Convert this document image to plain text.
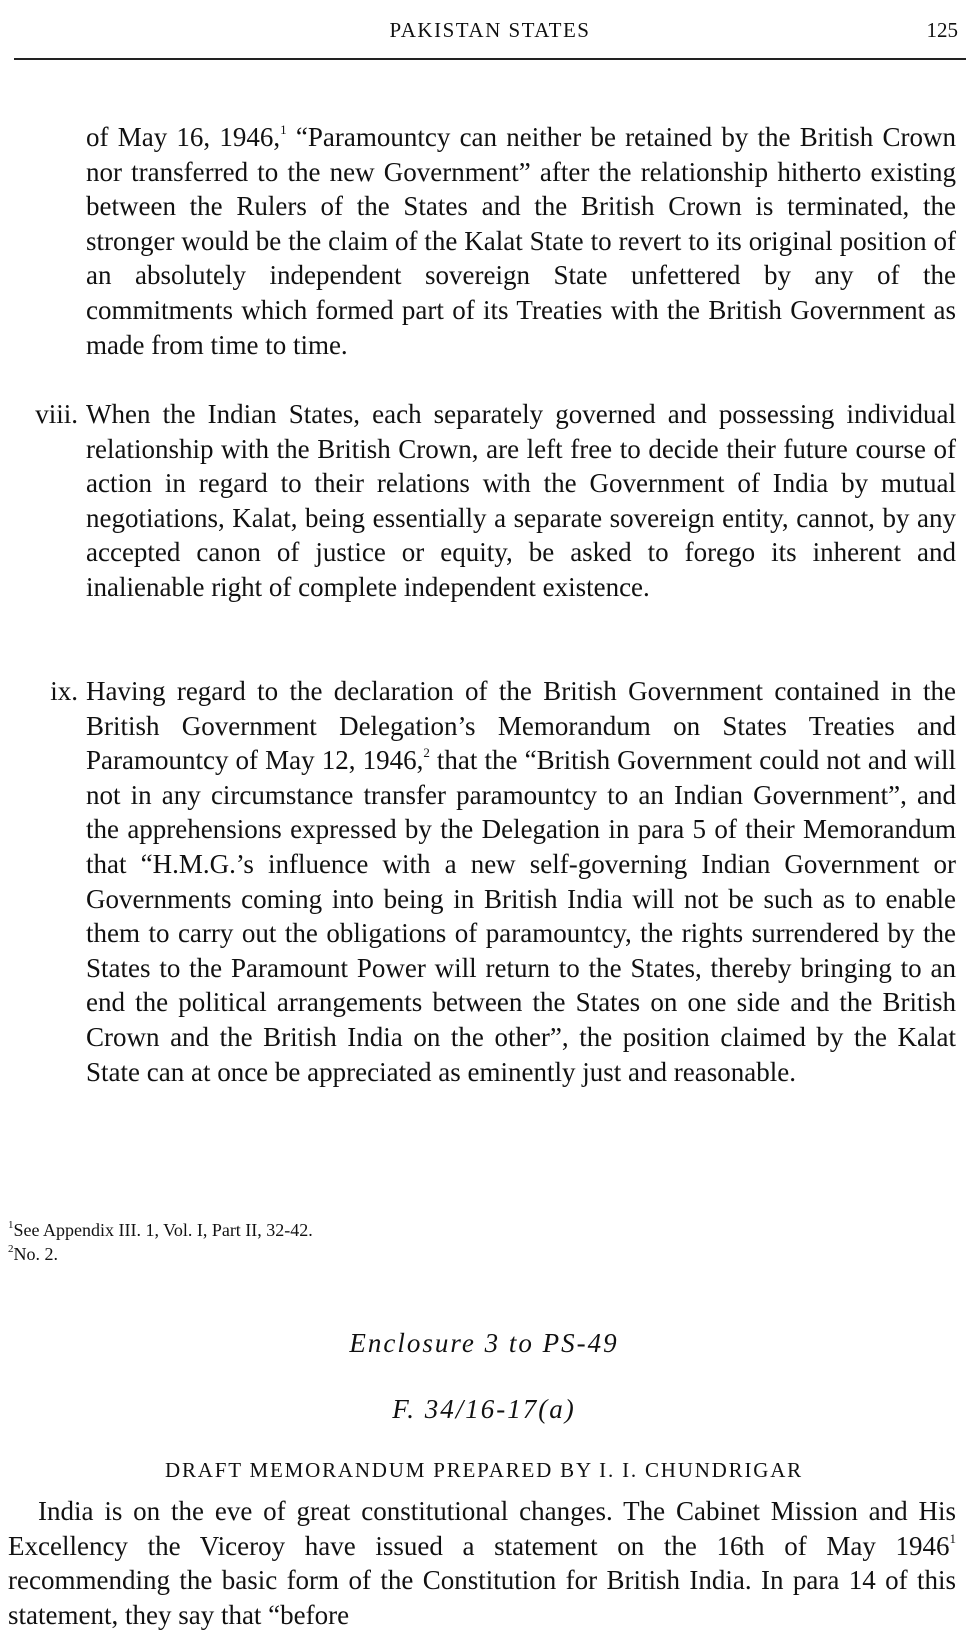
PAKISTAN STATES	125

of May 16, 1946,$^1$ “Paramountcy can neither be retained by the British Crown nor transferred to the new Government” after the relationship hitherto existing between the Rulers of the States and the British Crown is terminated, the stronger would be the claim of the Kalat State to revert to its original position of an absolutely independent sovereign State unfettered by any of the commitments which formed part of its Treaties with the British Government as made from time to time.

viii. When the Indian States, each separately governed and possessing individual relationship with the British Crown, are left free to decide their future course of action in regard to their relations with the Government of India by mutual negotiations, Kalat, being essentially a separate sovereign entity, cannot, by any accepted canon of justice or equity, be asked to forego its inherent and inalienable right of complete independent existence.
ix. Having regard to the declaration of the British Government contained in the British Government Delegation’s Memorandum on States Treaties and Paramountcy of May 12, 1946,$^2$ that the “British Government could not and will not in any circumstance transfer paramountcy to an Indian Government”, and the apprehensions expressed by the Delegation in para 5 of their Memorandum that “H.M.G.’s influence with a new self-governing Indian Government or Governments coming into being in British India will not be such as to enable them to carry out the obligations of paramountcy, the rights surrendered by the States to the Paramount Power will return to the States, thereby bringing to an end the political arrangements between the States on one side and the British Crown and the British India on the other”, the position claimed by the Kalat State can at once be appreciated as eminently just and reasonable.

$^1$See Appendix III. 1, Vol. I, Part II, 32-42.

$^2$No. 2.

Enclosure 3 to PS-49

F. 34/16-17(a)

DRAFT MEMORANDUM PREPARED BY I. I. CHUNDRIGAR

India is on the eve of great constitutional changes. The Cabinet Mission and His Excellency the Viceroy have issued a statement on the 16th of May 1946$^1$ recommending the basic form of the Constitution for British India. In para 14 of this statement, they say that “before
